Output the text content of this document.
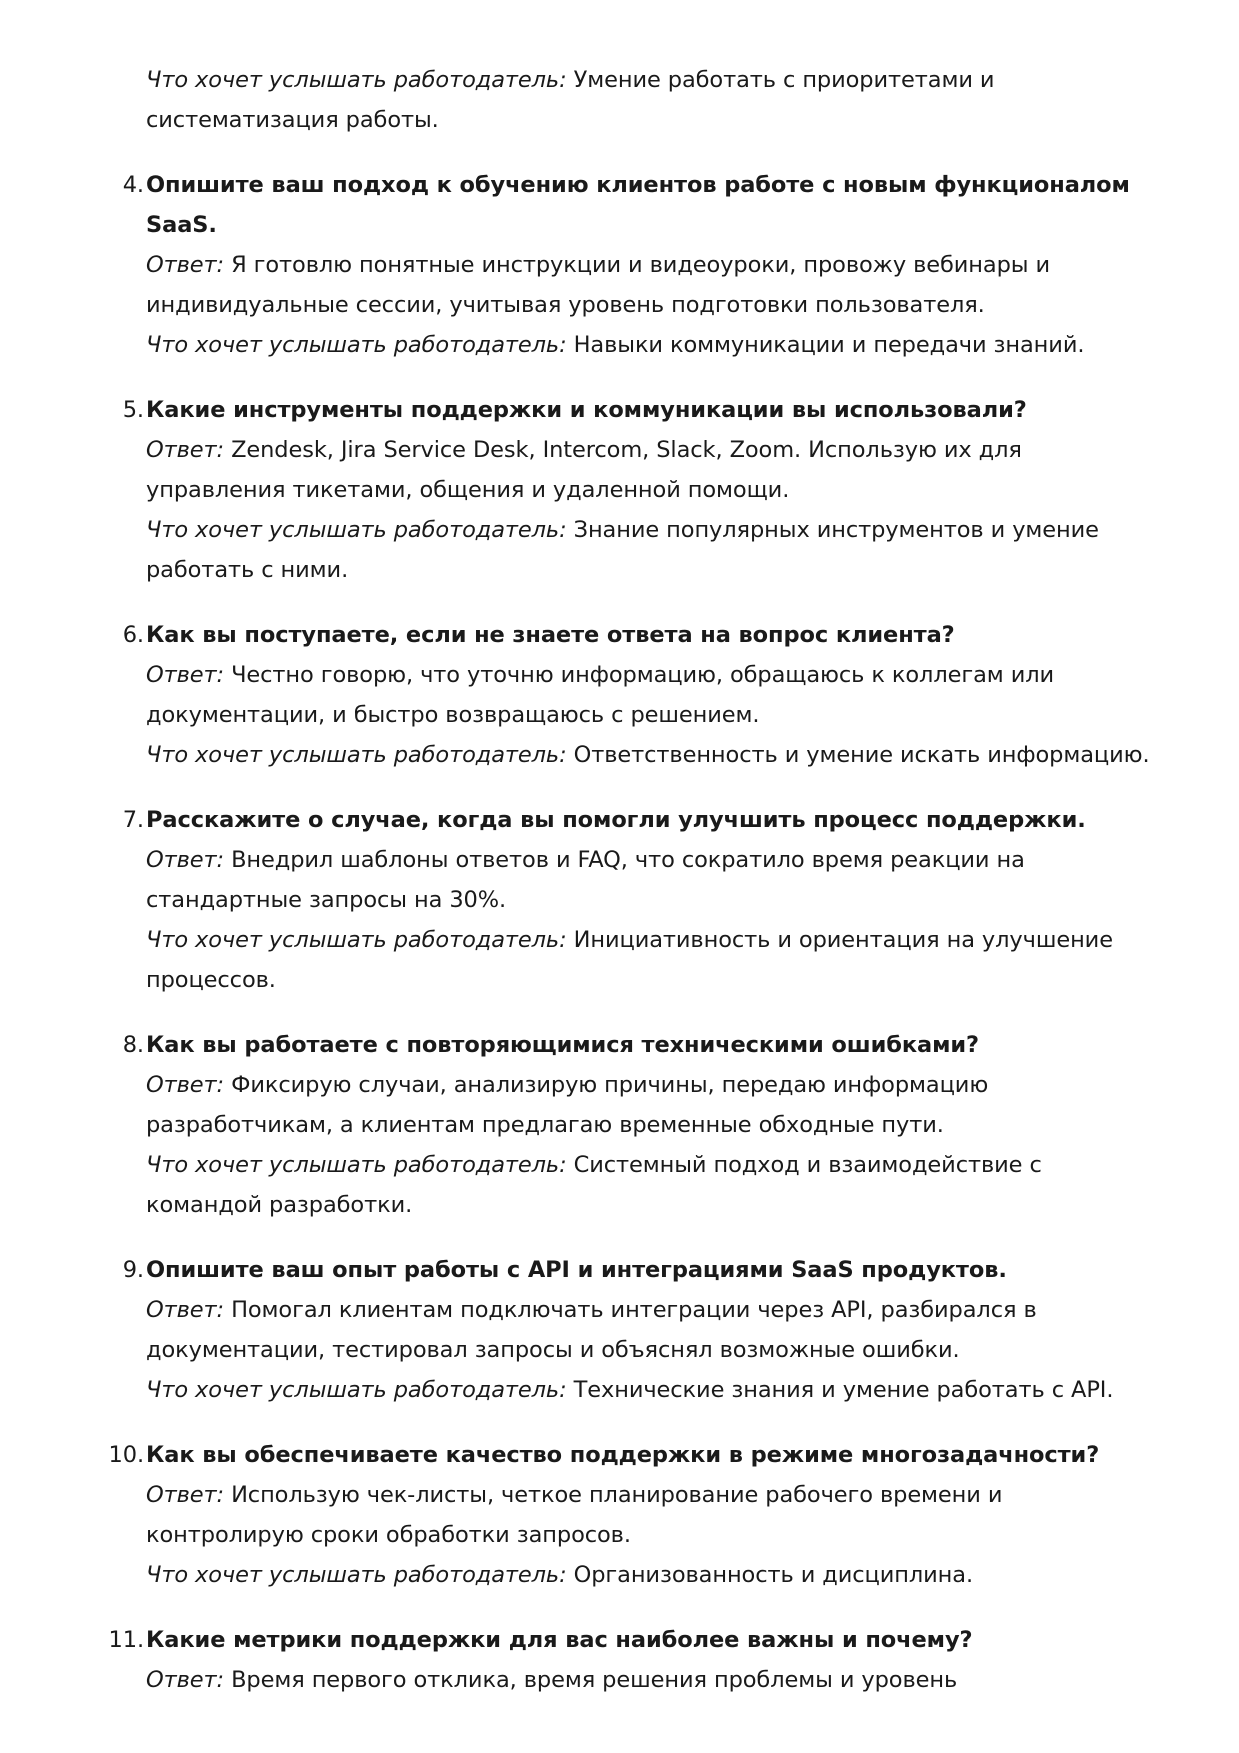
Что хочет услышать работодатель: Умение работать с приоритетами и систематизация работы.

4. Опишите ваш подход к обучению клиентов работе с новым функционалом SaaS.

Ответ: Я готовлю понятные инструкции и видеоуроки, провожу вебинары и индивидуальные сессии, учитывая уровень подготовки пользователя.

Что хочет услышать работодатель: Навыки коммуникации и передачи знаний.

5. Какие инструменты поддержки и коммуникации вы использовали?

Ответ: Zendesk, Jira Service Desk, Intercom, Slack, Zoom. Использую их для управления тикетами, общения и удаленной помощи.

Что хочет услышать работодатель: Знание популярных инструментов и умение работать с ними.

6. Как вы поступаете, если не знаете ответа на вопрос клиента?

Ответ: Честно говорю, что уточню информацию, обращаюсь к коллегам или документации, и быстро возвращаюсь с решением.

Что хочет услышать работодатель: Ответственность и умение искать информацию.

7. Расскажите о случае, когда вы помогли улучшить процесс поддержки.

Ответ: Внедрил шаблоны ответов и FAQ, что сократило время реакции на стандартные запросы на 30%.

Что хочет услышать работодатель: Инициативность и ориентация на улучшение процессов.

8. Как вы работаете с повторяющимися техническими ошибками?

Ответ: Фиксирую случаи, анализирую причины, передаю информацию разработчикам, а клиентам предлагаю временные обходные пути.

Что хочет услышать работодатель: Системный подход и взаимодействие с командой разработки.

9. Опишите ваш опыт работы с API и интеграциями SaaS продуктов.

Ответ: Помогал клиентам подключать интеграции через API, разбирался в документации, тестировал запросы и объяснял возможные ошибки.

Что хочет услышать работодатель: Технические знания и умение работать с API.

10. Как вы обеспечиваете качество поддержки в режиме многозадачности?

Ответ: Использую чек-листы, четкое планирование рабочего времени и контролирую сроки обработки запросов.

Что хочет услышать работодатель: Организованность и дисциплина.

11. Какие метрики поддержки для вас наиболее важны и почему?

Ответ: Время первого отклика, время решения проблемы и уровень
